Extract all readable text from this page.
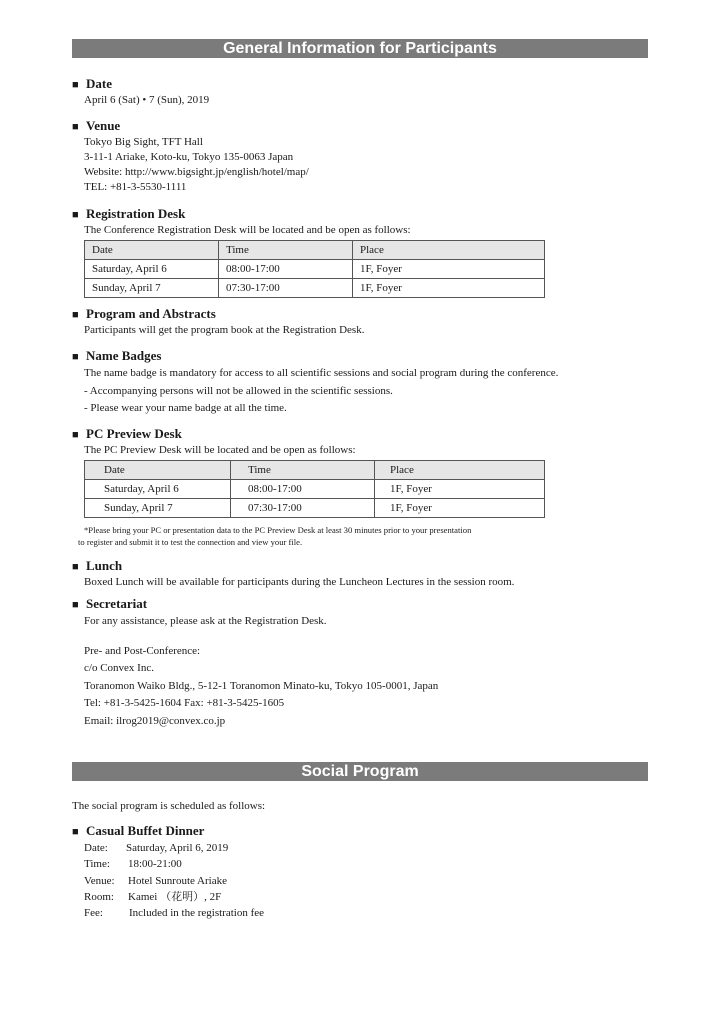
General Information for Participants

■ Date

April 6 (Sat) • 7 (Sun), 2019

■ Venue

Tokyo Big Sight, TFT Hall

3-11-1 Ariake, Koto-ku, Tokyo 135-0063 Japan

Website: http://www.bigsight.jp/english/hotel/map/

TEL: +81-3-5530-1111

■ Registration Desk

The Conference Registration Desk will be located and be open as follows:

Date	Time	Place
Saturday, April 6	08:00-17:00	1F, Foyer
Sunday, April 7	07:30-17:00	1F, Foyer

■ Program and Abstracts

Participants will get the program book at the Registration Desk.

■ Name Badges

The name badge is mandatory for access to all scientific sessions and social program during the conference.

- Accompanying persons will not be allowed in the scientific sessions.

- Please wear your name badge at all the time.

■ PC Preview Desk

The PC Preview Desk will be located and be open as follows:

Date	Time	Place
Saturday, April 6	08:00-17:00	1F, Foyer
Sunday, April 7	07:30-17:00	1F, Foyer

*Please bring your PC or presentation data to the PC Preview Desk at least 30 minutes prior to your presentation

to register and submit it to test the connection and view your file.

■ Lunch

Boxed Lunch will be available for participants during the Luncheon Lectures in the session room.

■ Secretariat

For any assistance, please ask at the Registration Desk.

Pre- and Post-Conference:

c/o Convex Inc.

Toranomon Waiko Bldg., 5-12-1 Toranomon Minato-ku, Tokyo 105-0001, Japan

Tel: +81-3-5425-1604 Fax: +81-3-5425-1605

Email: ilrog2019@convex.co.jp

Social Program
The social program is scheduled as follows:

■ Casual Buffet Dinner

Date: Saturday, April 6, 2019

Time: 18:00-21:00

Venue: Hotel Sunroute Ariake

Room: Kamei （花明）, 2F

Fee: Included in the registration fee
